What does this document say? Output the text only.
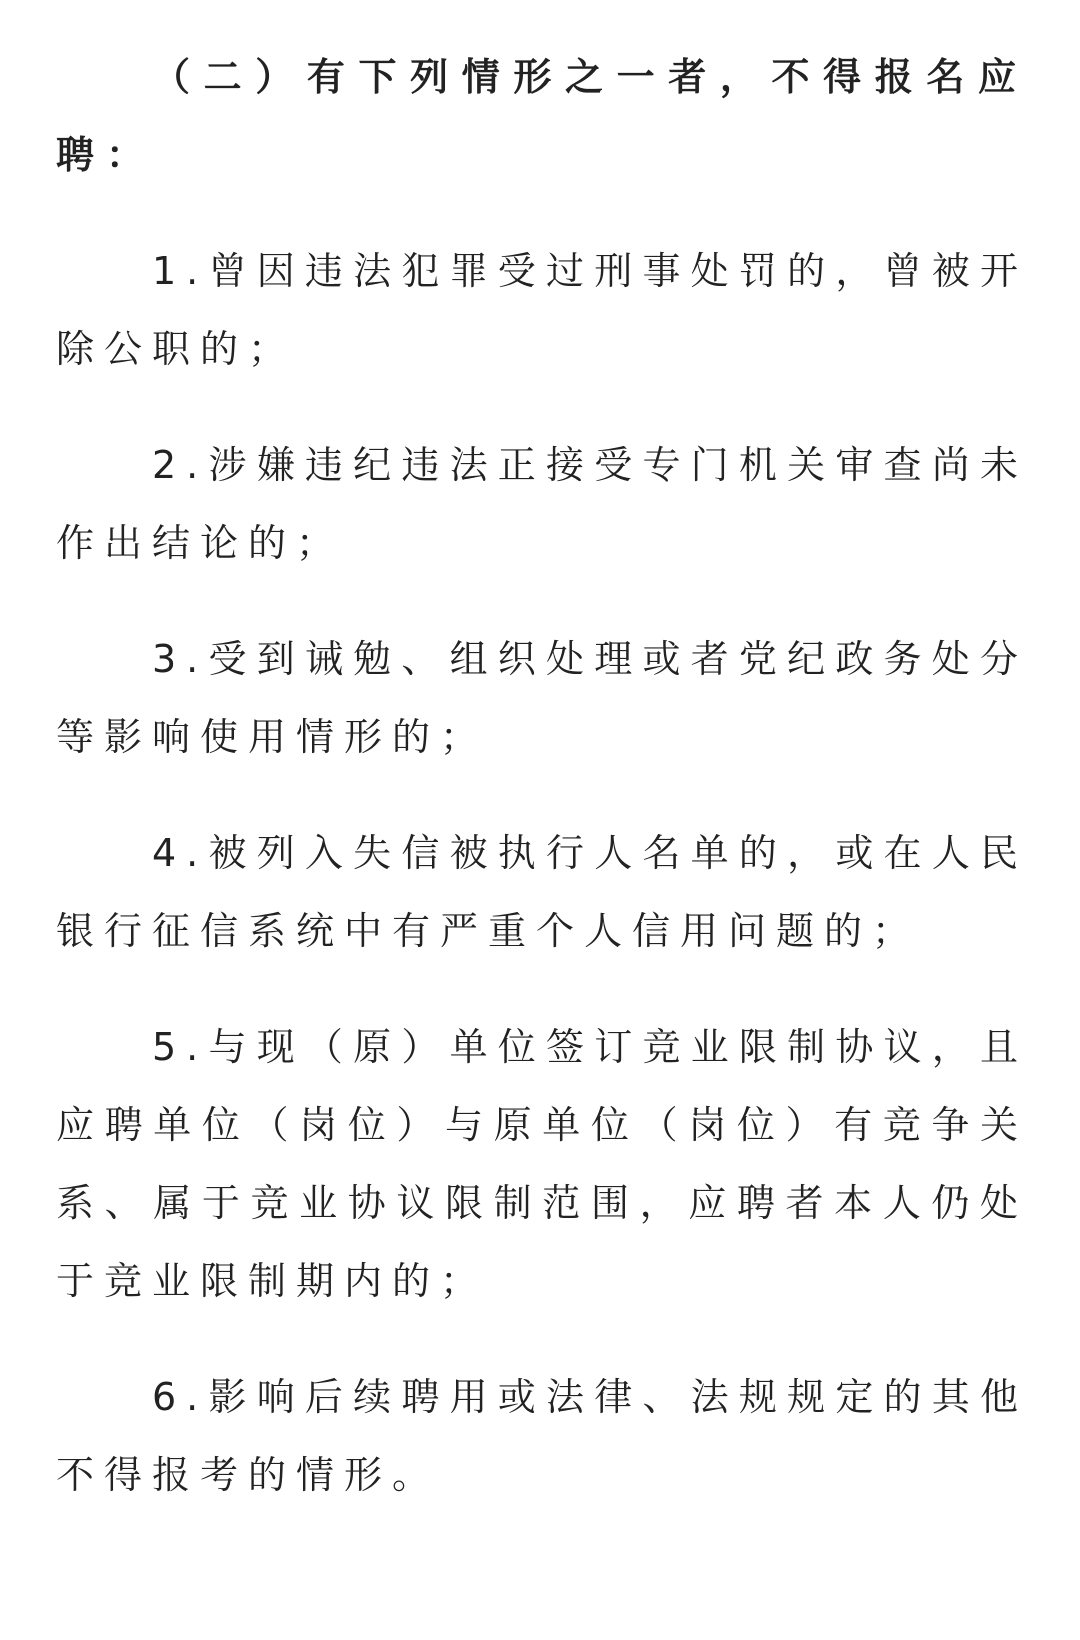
（二）有下列情形之一者，不得报名应聘：

1.曾因违法犯罪受过刑事处罚的，曾被开除公职的；

2.涉嫌违纪违法正接受专门机关审查尚未作出结论的；

3.受到诫勉、组织处理或者党纪政务处分等影响使用情形的；

4.被列入失信被执行人名单的，或在人民银行征信系统中有严重个人信用问题的；

5.与现（原）单位签订竞业限制协议，且应聘单位（岗位）与原单位（岗位）有竞争关系、属于竞业协议限制范围，应聘者本人仍处于竞业限制期内的；

6.影响后续聘用或法律、法规规定的其他不得报考的情形。
